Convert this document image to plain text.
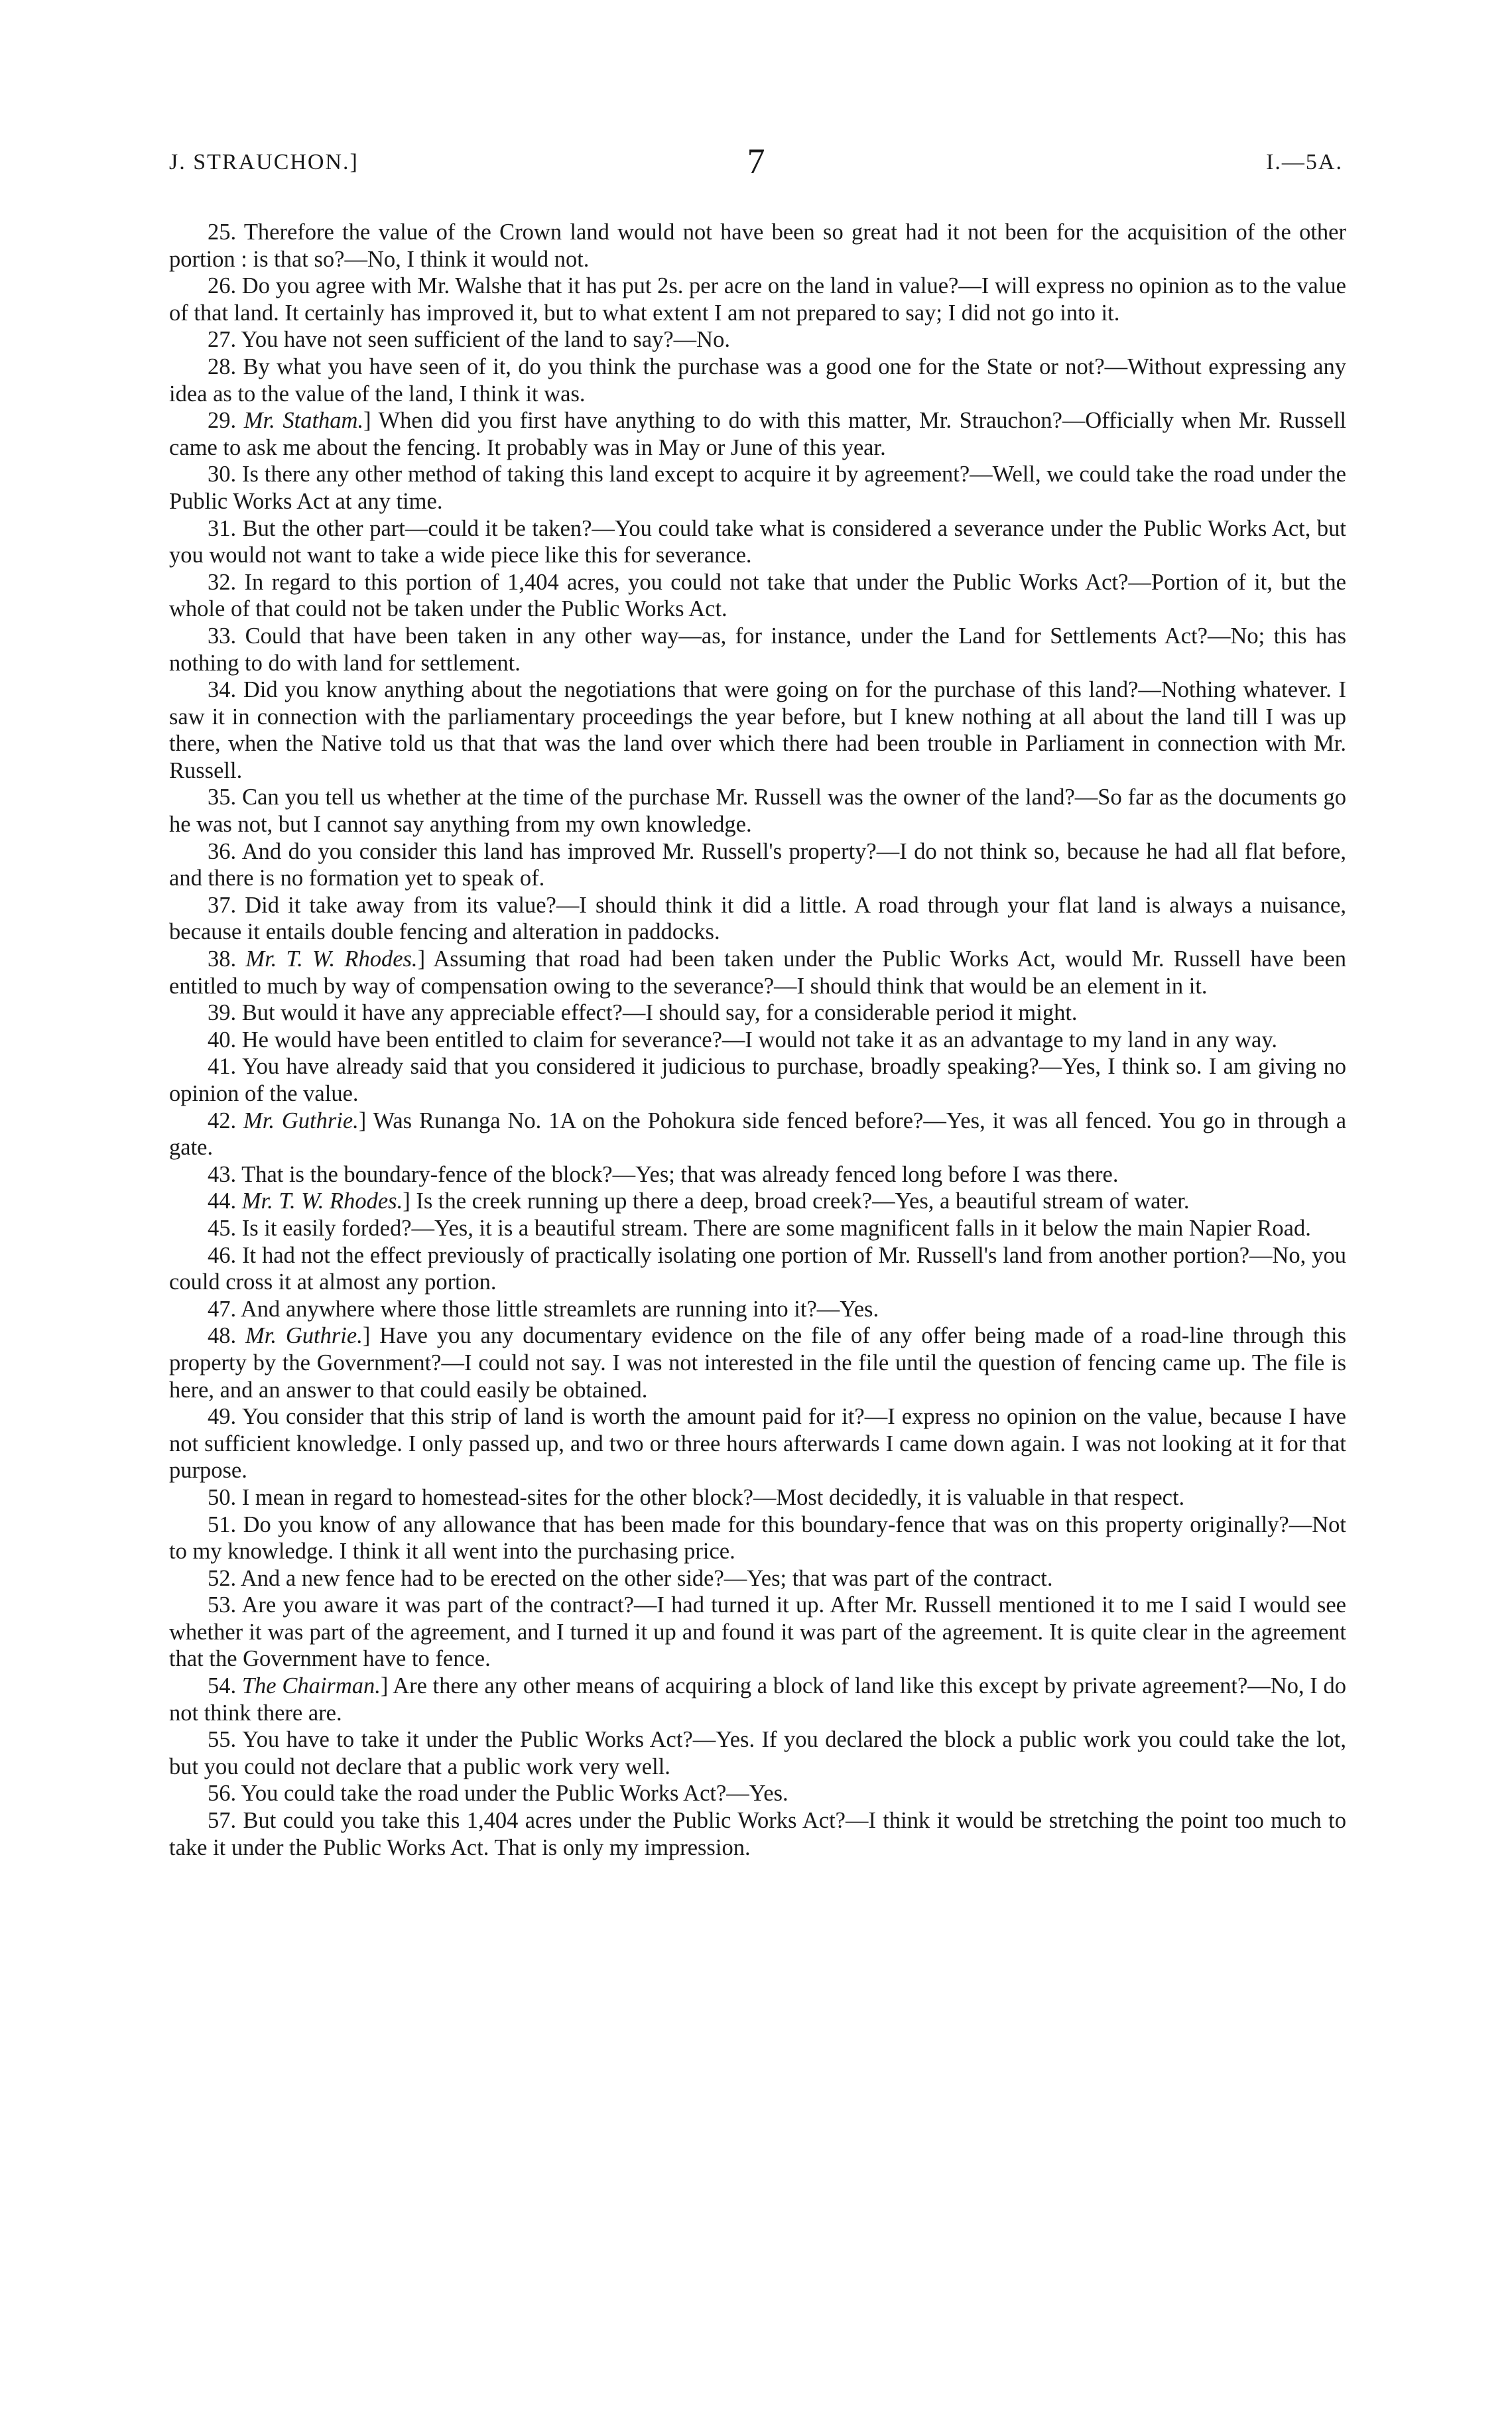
J. STRAUCHON.]	7	I.—5A.

25. Therefore the value of the Crown land would not have been so great had it not been for the acquisition of the other portion : is that so?—No, I think it would not.

26. Do you agree with Mr. Walshe that it has put 2s. per acre on the land in value?—I will express no opinion as to the value of that land. It certainly has improved it, but to what extent I am not prepared to say; I did not go into it.

27. You have not seen sufficient of the land to say?—No.

28. By what you have seen of it, do you think the purchase was a good one for the State or not?—Without expressing any idea as to the value of the land, I think it was.

29. Mr. Statham.] When did you first have anything to do with this matter, Mr. Strauchon?—Officially when Mr. Russell came to ask me about the fencing. It probably was in May or June of this year.

30. Is there any other method of taking this land except to acquire it by agreement?—Well, we could take the road under the Public Works Act at any time.

31. But the other part—could it be taken?—You could take what is considered a severance under the Public Works Act, but you would not want to take a wide piece like this for severance.

32. In regard to this portion of 1,404 acres, you could not take that under the Public Works Act?—Portion of it, but the whole of that could not be taken under the Public Works Act.

33. Could that have been taken in any other way—as, for instance, under the Land for Settlements Act?—No; this has nothing to do with land for settlement.

34. Did you know anything about the negotiations that were going on for the purchase of this land?—Nothing whatever. I saw it in connection with the parliamentary proceedings the year before, but I knew nothing at all about the land till I was up there, when the Native told us that that was the land over which there had been trouble in Parliament in connection with Mr. Russell.

35. Can you tell us whether at the time of the purchase Mr. Russell was the owner of the land?—So far as the documents go he was not, but I cannot say anything from my own knowledge.

36. And do you consider this land has improved Mr. Russell's property?—I do not think so, because he had all flat before, and there is no formation yet to speak of.

37. Did it take away from its value?—I should think it did a little. A road through your flat land is always a nuisance, because it entails double fencing and alteration in paddocks.

38. Mr. T. W. Rhodes.] Assuming that road had been taken under the Public Works Act, would Mr. Russell have been entitled to much by way of compensation owing to the severance?—I should think that would be an element in it.

39. But would it have any appreciable effect?—I should say, for a considerable period it might.

40. He would have been entitled to claim for severance?—I would not take it as an advantage to my land in any way.

41. You have already said that you considered it judicious to purchase, broadly speaking?—Yes, I think so. I am giving no opinion of the value.

42. Mr. Guthrie.] Was Runanga No. 1A on the Pohokura side fenced before?—Yes, it was all fenced. You go in through a gate.

43. That is the boundary-fence of the block?—Yes; that was already fenced long before I was there.

44. Mr. T. W. Rhodes.] Is the creek running up there a deep, broad creek?—Yes, a beautiful stream of water.

45. Is it easily forded?—Yes, it is a beautiful stream. There are some magnificent falls in it below the main Napier Road.

46. It had not the effect previously of practically isolating one portion of Mr. Russell's land from another portion?—No, you could cross it at almost any portion.

47. And anywhere where those little streamlets are running into it?—Yes.

48. Mr. Guthrie.] Have you any documentary evidence on the file of any offer being made of a road-line through this property by the Government?—I could not say. I was not interested in the file until the question of fencing came up. The file is here, and an answer to that could easily be obtained.

49. You consider that this strip of land is worth the amount paid for it?—I express no opinion on the value, because I have not sufficient knowledge. I only passed up, and two or three hours afterwards I came down again. I was not looking at it for that purpose.

50. I mean in regard to homestead-sites for the other block?—Most decidedly, it is valuable in that respect.

51. Do you know of any allowance that has been made for this boundary-fence that was on this property originally?—Not to my knowledge. I think it all went into the purchasing price.

52. And a new fence had to be erected on the other side?—Yes; that was part of the contract.

53. Are you aware it was part of the contract?—I had turned it up. After Mr. Russell mentioned it to me I said I would see whether it was part of the agreement, and I turned it up and found it was part of the agreement. It is quite clear in the agreement that the Government have to fence.

54. The Chairman.] Are there any other means of acquiring a block of land like this except by private agreement?—No, I do not think there are.

55. You have to take it under the Public Works Act?—Yes. If you declared the block a public work you could take the lot, but you could not declare that a public work very well.

56. You could take the road under the Public Works Act?—Yes.

57. But could you take this 1,404 acres under the Public Works Act?—I think it would be stretching the point too much to take it under the Public Works Act. That is only my impression.
